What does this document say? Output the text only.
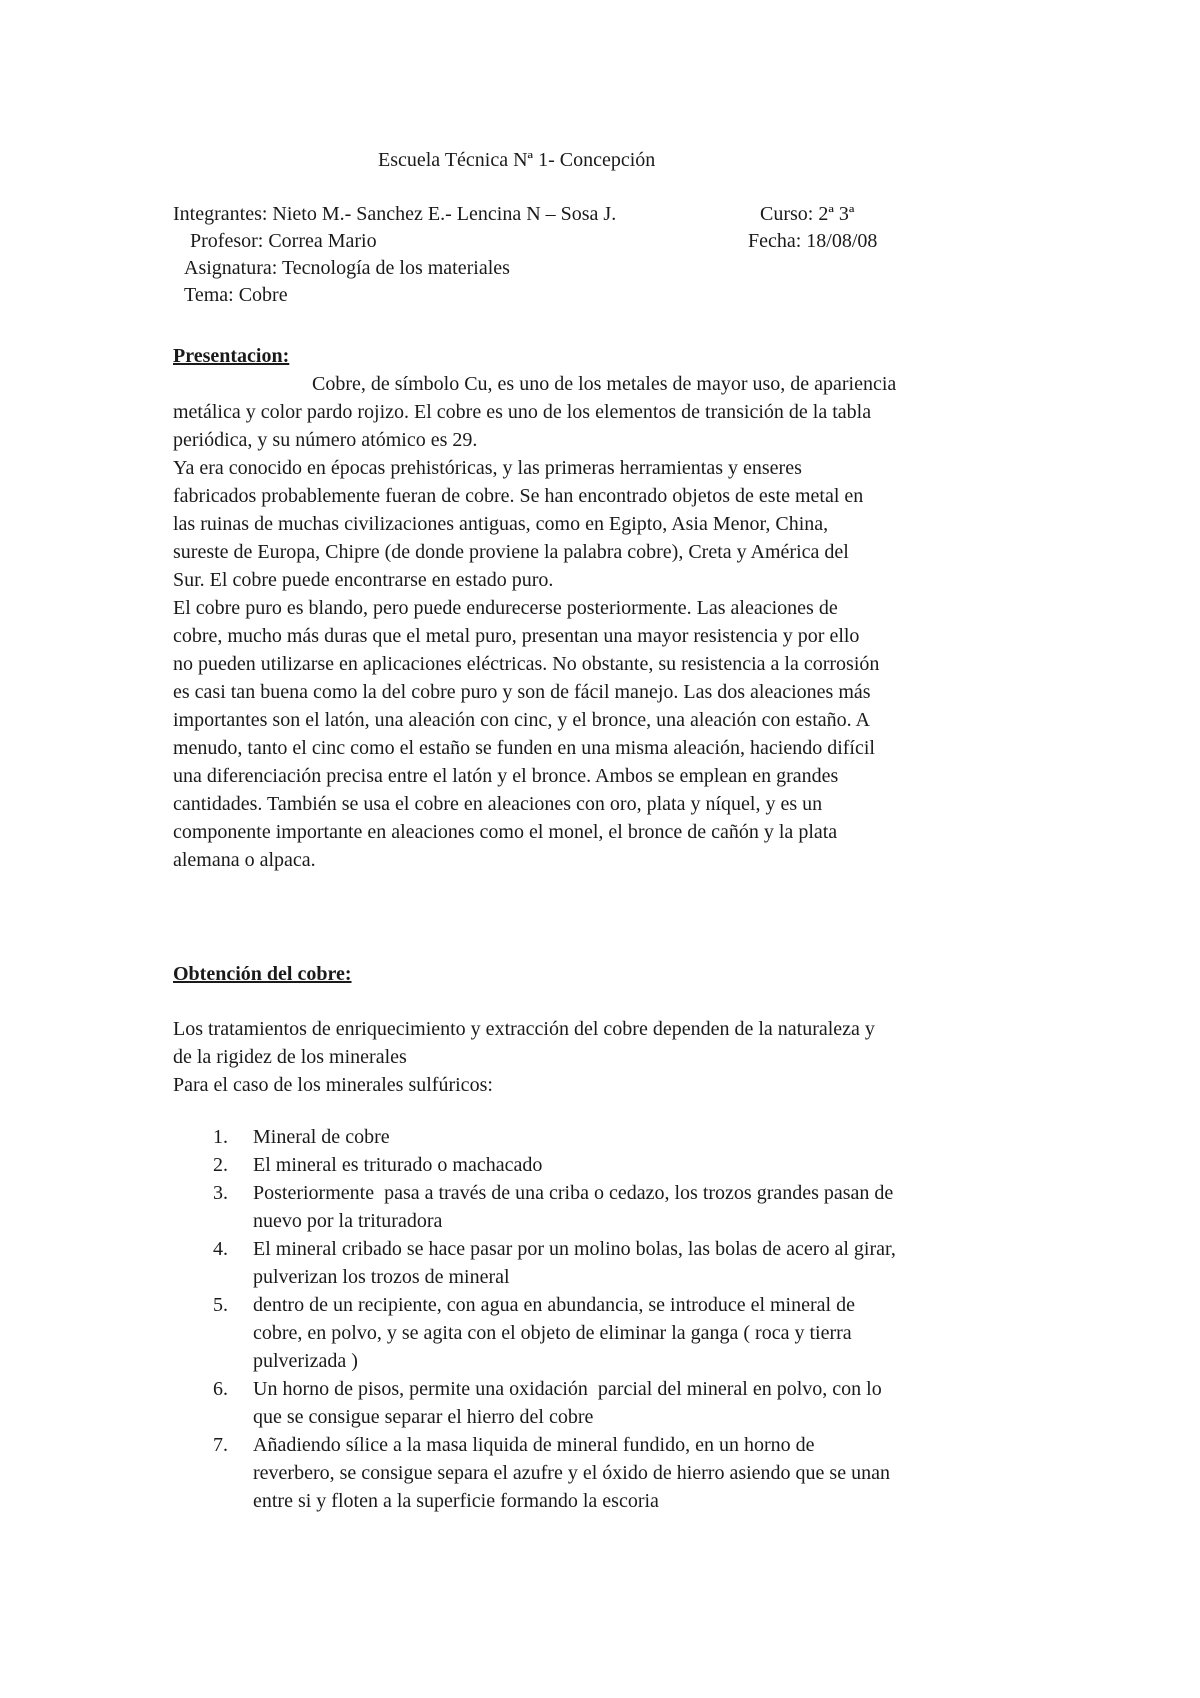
Escuela Técnica Nª 1- Concepción
Integrantes: Nieto M.- Sanchez E.- Lencina N – Sosa J.	Curso: 2ª 3ª
Profesor: Correa Mario	Fecha: 18/08/08
Asignatura: Tecnología de los materiales
Tema: Cobre
Presentacion:

Cobre, de símbolo Cu, es uno de los metales de mayor uso, de apariencia

metálica y color pardo rojizo. El cobre es uno de los elementos de transición de la tabla

periódica, y su número atómico es 29.

Ya era conocido en épocas prehistóricas, y las primeras herramientas y enseres

fabricados probablemente fueran de cobre. Se han encontrado objetos de este metal en

las ruinas de muchas civilizaciones antiguas, como en Egipto, Asia Menor, China,

sureste de Europa, Chipre (de donde proviene la palabra cobre), Creta y América del

Sur. El cobre puede encontrarse en estado puro.

El cobre puro es blando, pero puede endurecerse posteriormente. Las aleaciones de

cobre, mucho más duras que el metal puro, presentan una mayor resistencia y por ello

no pueden utilizarse en aplicaciones eléctricas. No obstante, su resistencia a la corrosión

es casi tan buena como la del cobre puro y son de fácil manejo. Las dos aleaciones más

importantes son el latón, una aleación con cinc, y el bronce, una aleación con estaño. A

menudo, tanto el cinc como el estaño se funden en una misma aleación, haciendo difícil

una diferenciación precisa entre el latón y el bronce. Ambos se emplean en grandes

cantidades. También se usa el cobre en aleaciones con oro, plata y níquel, y es un

componente importante en aleaciones como el monel, el bronce de cañón y la plata

alemana o alpaca.

Obtención del cobre:

Los tratamientos de enriquecimiento y extracción del cobre dependen de la naturaleza y

de la rigidez de los minerales

Para el caso de los minerales sulfúricos:

1. Mineral de cobre
2. El mineral es triturado o machacado
3. Posteriormente  pasa a través de una criba o cedazo, los trozos grandes pasan de
nuevo por la trituradora
4. El mineral cribado se hace pasar por un molino bolas, las bolas de acero al girar,
pulverizan los trozos de mineral
5. dentro de un recipiente, con agua en abundancia, se introduce el mineral de
cobre, en polvo, y se agita con el objeto de eliminar la ganga ( roca y tierra
pulverizada )
6. Un horno de pisos, permite una oxidación  parcial del mineral en polvo, con lo
que se consigue separar el hierro del cobre
7. Añadiendo sílice a la masa liquida de mineral fundido, en un horno de
reverbero, se consigue separa el azufre y el óxido de hierro asiendo que se unan
entre si y floten a la superficie formando la escoria
